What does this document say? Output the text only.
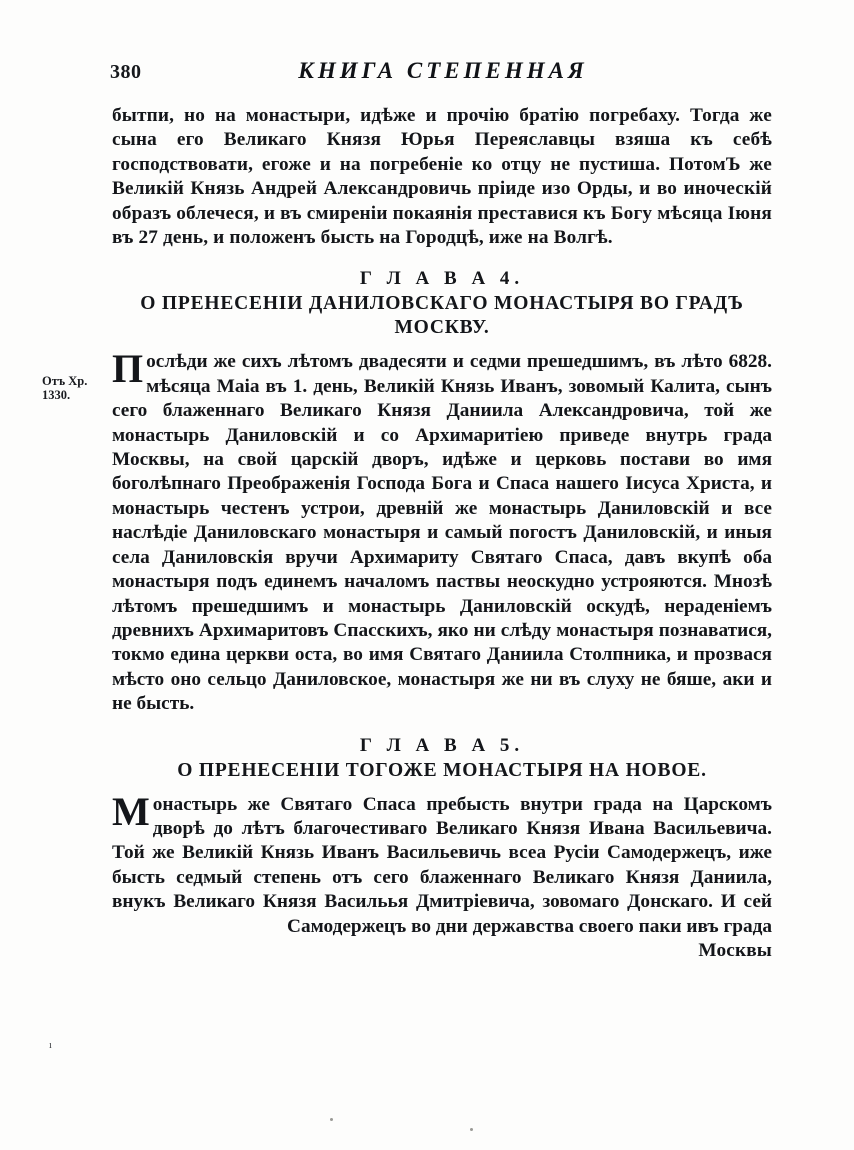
380	КНИГА СТЕПЕННАЯ
Отъ Хр.
1330.

бытпи, но на монастыри, идѣже и прочію братію погребаху. Тогда же сына его Великаго Князя Юрья Переяславцы взяша къ себѣ господствовати, егоже и на погребеніе ко отцу не пустиша. ПотомЪ же Великій Князь Андрей Александровичь пріиде изо Орды, и во иноческій образъ облечеся, и въ смиреніи покаянія преставися къ Богу мѣсяца Іюня въ 27 день, и положенъ бысть на Городцѣ, иже на Волгѣ.

Г Л А В А 4.
О ПРЕНЕСЕНІИ ДАНИЛОВСКАГО МОНАСТЫРЯ ВО ГРАДЪ
МОСКВУ.
Послѣди же сихъ лѣтомъ двадесяти и седми прешедшимъ, въ лѣто 6828. мѣсяца Маіа въ 1. день, Великій Князь Иванъ, зовомый Калита, сынъ сего блаженнаго Великаго Князя Даниила Александровича, той же монастырь Даниловскій и со Архимаритіею приведе внутрь града Москвы, на свой царскій дворъ, идѣже и церковь постави во имя боголѣпнаго Преображенія Господа Бога и Спаса нашего Іисуса Христа, и монастырь честенъ устрои, древній же монастырь Даниловскій и все наслѣдіе Даниловскаго монастыря и самый погостъ Даниловскій, и иныя села Даниловскія вручи Архимариту Святаго Спаса, давъ вкупѣ оба монастыря подъ единемъ началомъ паствы неоскудно устрояются. Мнозѣ лѣтомъ прешедшимъ и монастырь Даниловскій оскудѣ, нераденіемъ древнихъ Архимаритовъ Спасскихъ, яко ни слѣду монастыря познаватися, токмо едина церкви оста, во имя Святаго Даниила Столпника, и прозвася мѣсто оно сельцо Даниловское, монастыря же ни въ слуху не бяше, аки и не бысть.
Г Л А В А 5.
О ПРЕНЕСЕНІИ ТОГОЖЕ МОНАСТЫРЯ НА НОВОЕ.
Монастырь же Святаго Спаса пребысть внутри града на Царскомъ дворѣ до лѣтъ благочестиваго Великаго Князя Ивана Васильевича. Той же Великій Князь Иванъ Васильевичь всеа Русіи Самодержецъ, иже бысть седмый степень отъ сего блаженнаго Великаго Князя Даниила, внукъ Великаго Князя Васильья Дмитріевича, зовомаго Донскаго. И сей Самодержецъ во дни державства своего паки ивъ града

Москвы

ı
